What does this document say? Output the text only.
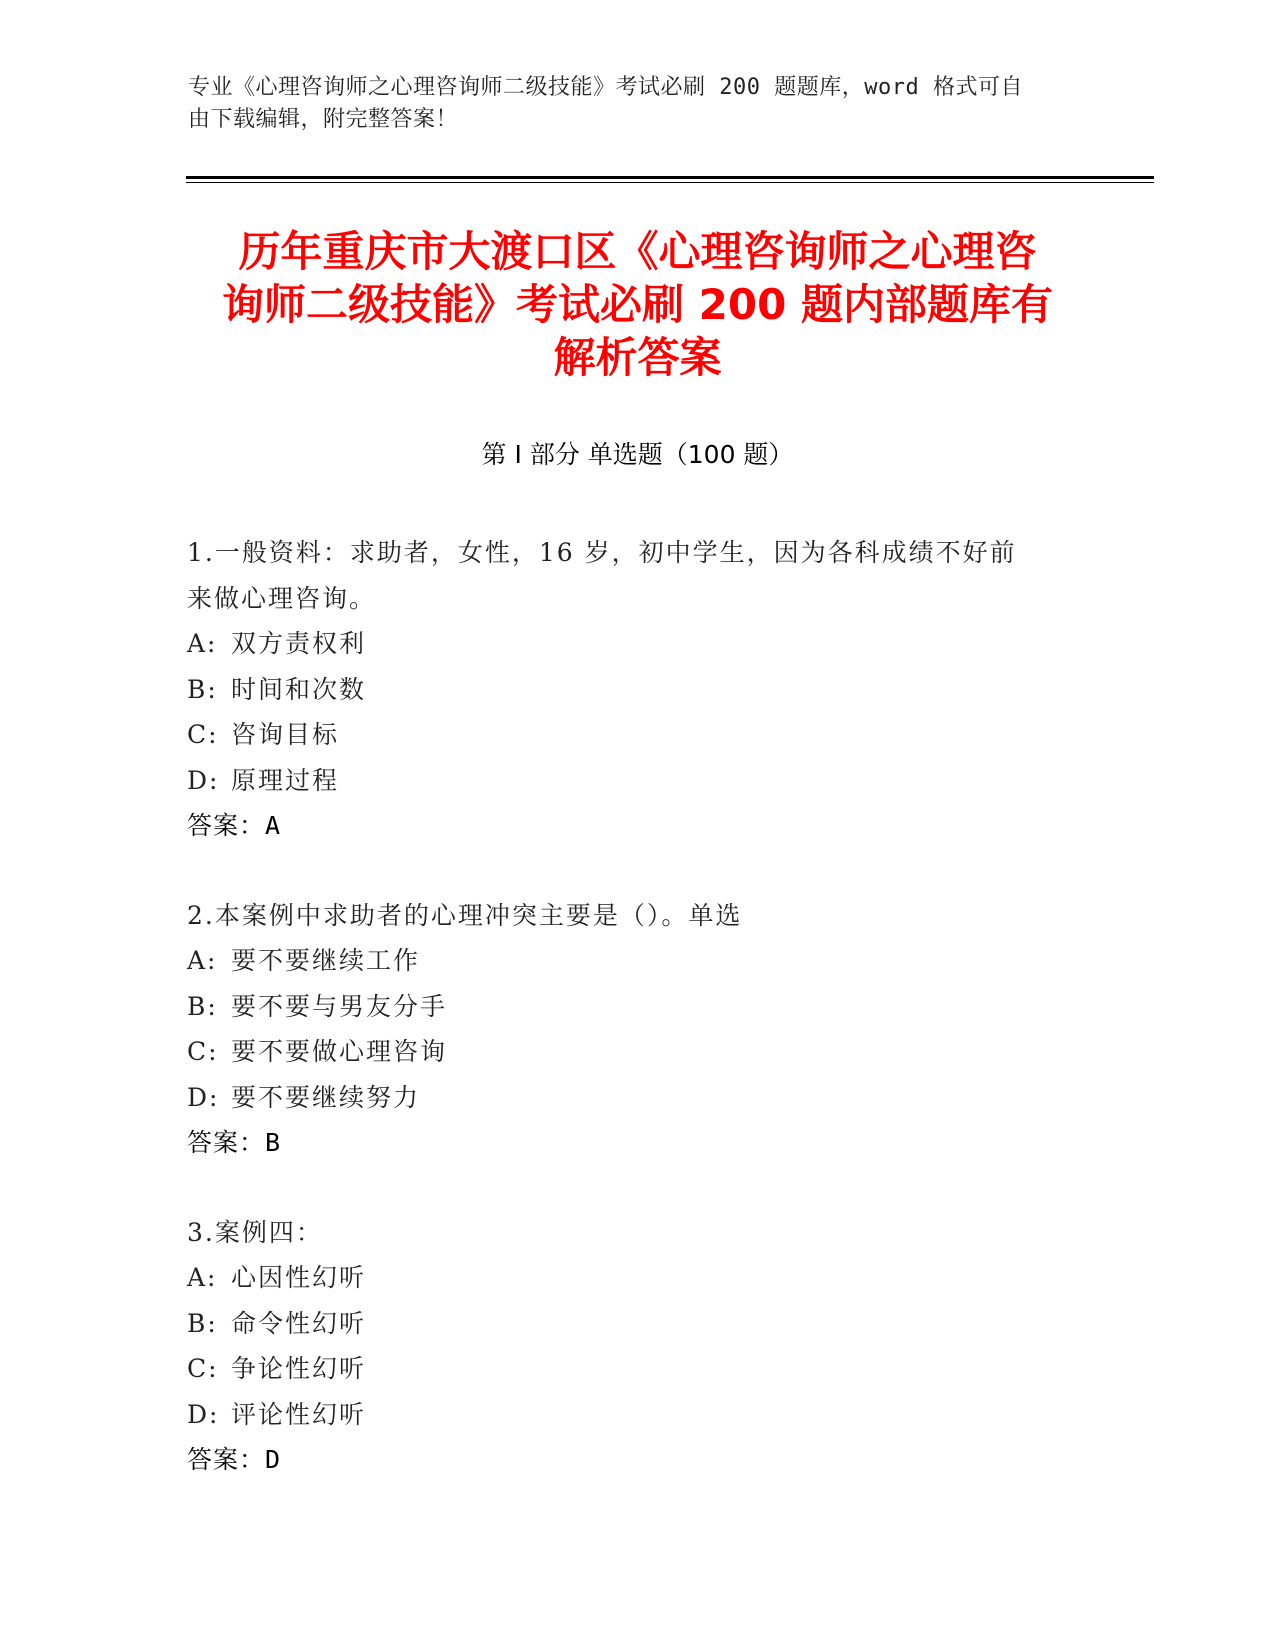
专业《心理咨询师之心理咨询师二级技能》考试必刷 200 题题库，word 格式可自
由下载编辑，附完整答案！
历年重庆市大渡口区《心理咨询师之心理咨
询师二级技能》考试必刷 200 题内部题库有
解析答案
第 I 部分 单选题（100 题）
1.一般资料：求助者，女性，16 岁，初中学生，因为各科成绩不好前
来做心理咨询。
A: 双方责权利
B: 时间和次数
C: 咨询目标
D: 原理过程
答案：A
2.本案例中求助者的心理冲突主要是（）。单选
A: 要不要继续工作
B: 要不要与男友分手
C: 要不要做心理咨询
D: 要不要继续努力
答案：B
3.案例四：
A: 心因性幻听
B: 命令性幻听
C: 争论性幻听
D: 评论性幻听
答案：D
